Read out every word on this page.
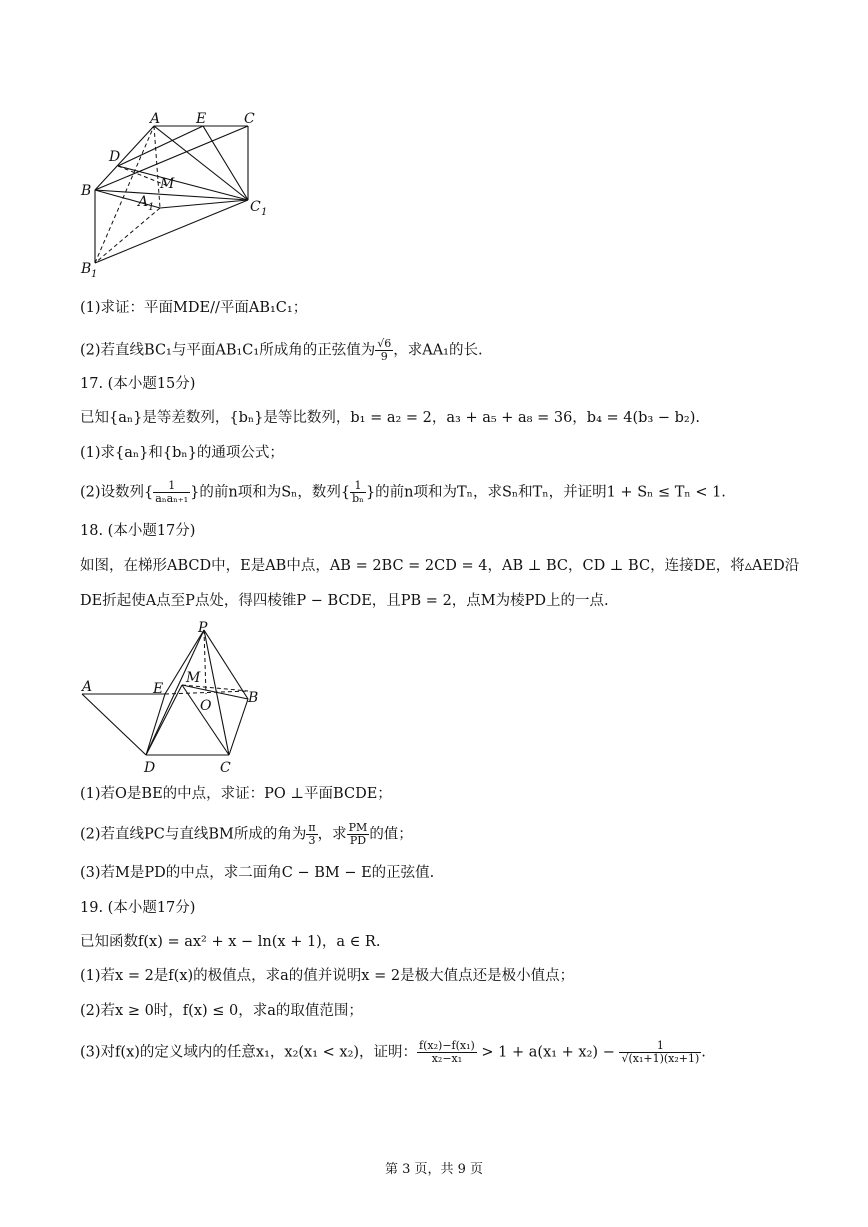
A	E	C
D
B	M
A 1	C 1
B 1
(1)求证：平面MDE//平面AB₁C₁；
(2)若直线BC₁与平面AB₁C₁所成角的正弦值为 $\frac{√6}{9}$ ，求AA₁的长.
17. (本小题15分)
已知{aₙ}是等差数列，{bₙ}是等比数列，b₁ = a₂ = 2，a₃ + a₅ + a₈ = 36，b₄ = 4(b₃ − b₂).
(1)求{aₙ}和{bₙ}的通项公式；
(2)设数列{ $\frac{1}{\text{aₙaₙ₊₁}}$ }的前n项和为Sₙ，数列{ $\frac{1}{\text{bₙ}}$ }的前n项和为Tₙ，求Sₙ和Tₙ，并证明1 + Sₙ ≤ Tₙ < 1.
18. (本小题17分)
如图，在梯形ABCD中，E是AB中点，AB = 2BC = 2CD = 4，AB ⊥ BC，CD ⊥ BC，连接DE，将▵AED沿
DE折起使A点至P点处，得四棱锥P − BCDE，且PB = 2，点M为棱PD上的一点.
P
A	E
M
O	B
D	C
(1)若O是BE的中点，求证：PO ⊥平面BCDE；
(2)若直线PC与直线BM所成的角为 $\frac{\pi}{3}$ ，求 $\frac{PM}{PD}$ 的值；
(3)若M是PD的中点，求二面角C − BM − E的正弦值.
19. (本小题17分)
已知函数f(x) = ax² + x − ln(x + 1)，a ∈ R.
(1)若x = 2是f(x)的极值点，求a的值并说明x = 2是极大值点还是极小值点；
(2)若x ≥ 0时，f(x) ≤ 0，求a的取值范围；
(3)对f(x)的定义域内的任意x₁，x₂(x₁ < x₂)，证明： $\frac{\text{f(x₂)−f(x₁)}}{\text{x₂−x₁}} > 1 + a(x_1 + x_2) - \frac{1}{\text{√(x₁+1)(x₂+1)}}$ .
第 3 页，共 9 页
